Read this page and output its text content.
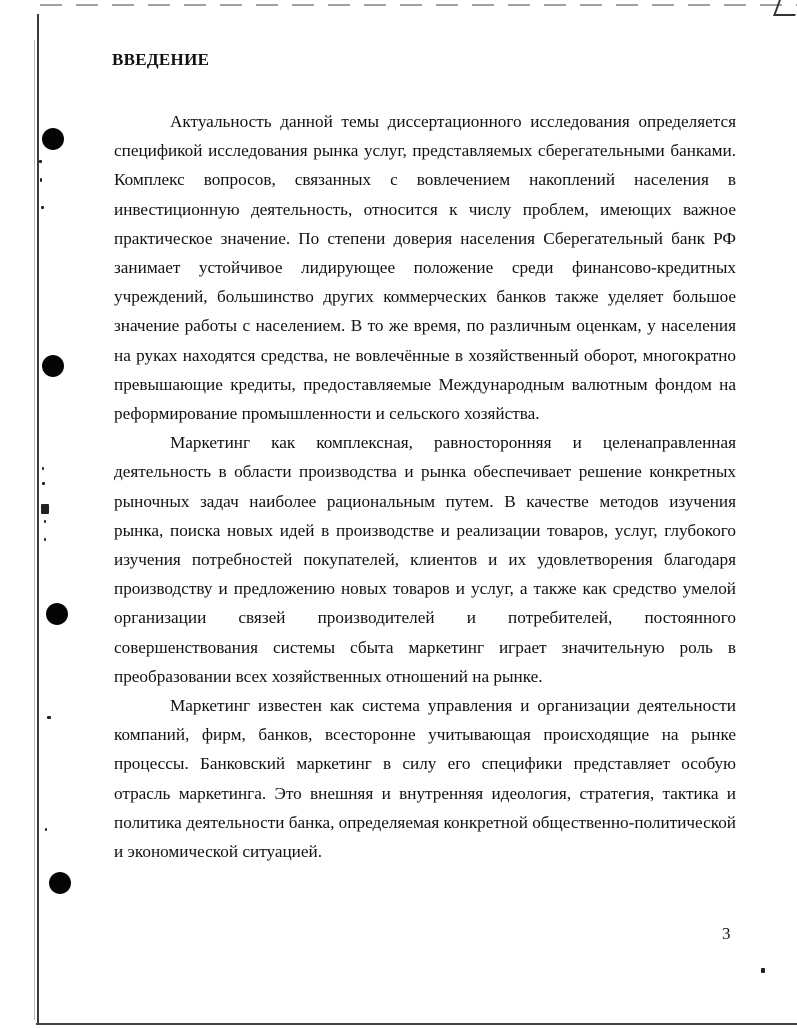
ВВЕДЕНИЕ

Актуальность данной темы диссертационного исследования определяется спецификой исследования рынка услуг, представляемых сберегательными банками. Комплекс вопросов, связанных с вовлечением накоплений населения в инвестиционную деятельность, относится к числу проблем, имеющих важное практическое значение. По степени доверия населения Сберегательный банк РФ занимает устойчивое лидирующее положение среди финансово-кредитных учреждений, большинство других коммерческих банков также уделяет большое значение работы с населением. В то же время, по различным оценкам, у населения на руках находятся средства, не вовлечённые в хозяйственный оборот, многократно превышающие кредиты, предоставляемые Международным валютным фондом на реформирование промышленности и сельского хозяйства.

Маркетинг как комплексная, равносторонняя и целенаправленная деятельность в области производства и рынка обеспечивает решение конкретных рыночных задач наиболее рациональным путем. В качестве методов изучения рынка, поиска новых идей в производстве и реализации товаров, услуг, глубокого изучения потребностей покупателей, клиентов и их удовлетворения благодаря производству и предложению новых товаров и услуг, а также как средство умелой организации связей производителей и потребителей, постоянного совершенствования системы сбыта маркетинг играет значительную роль в преобразовании всех хозяйственных отношений на рынке.

Маркетинг известен как система управления и организации деятельности компаний, фирм, банков, всесторонне учитывающая происходящие на рынке процессы. Банковский маркетинг в силу его специфики представляет особую отрасль маркетинга. Это внешняя и внутренняя идеология, стратегия, тактика и политика деятельности банка, определяемая конкретной общественно-политической и экономической ситуацией.

3
